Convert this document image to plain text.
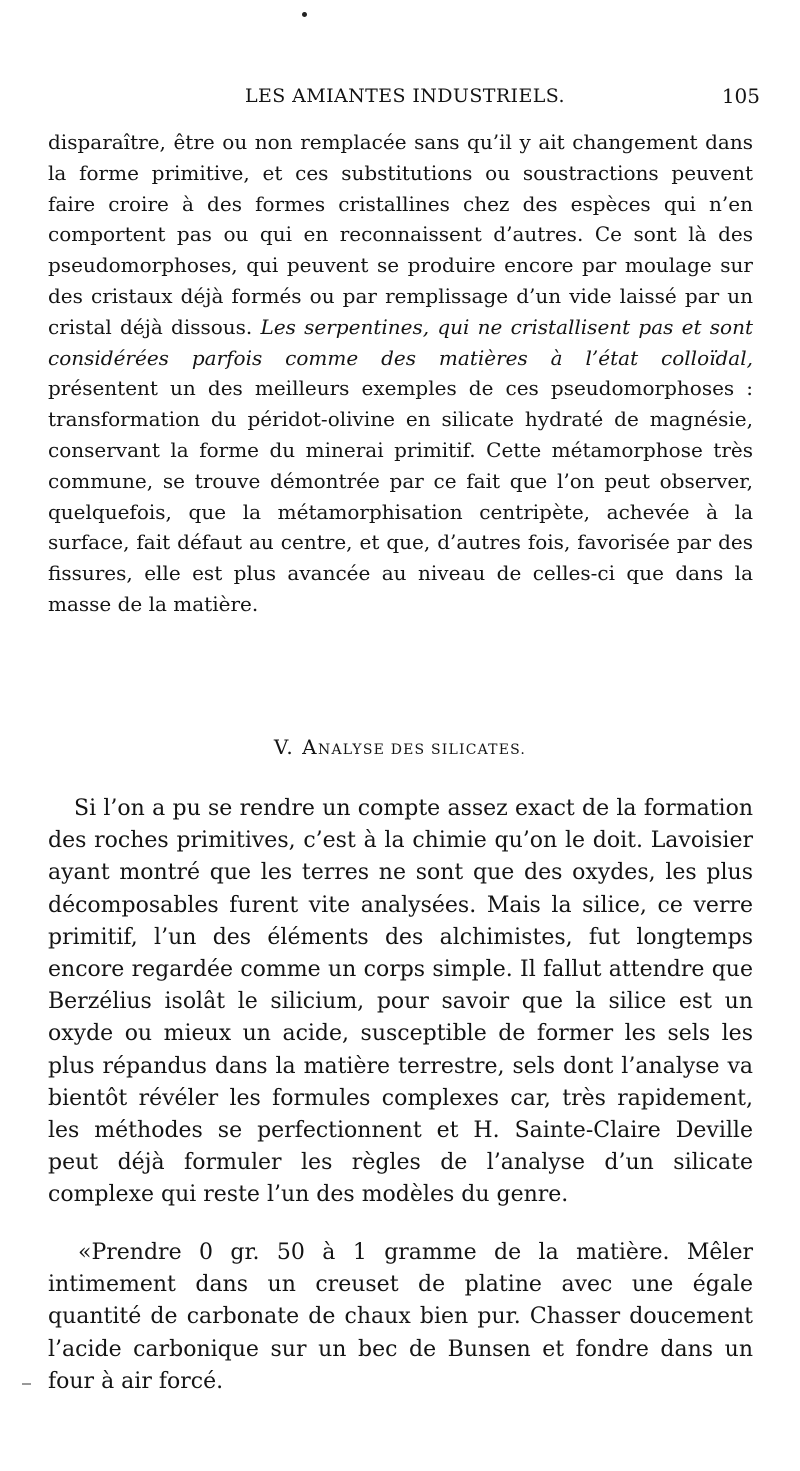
LES AMIANTES INDUSTRIELS.	105

disparaître, être ou non remplacée sans qu’il y ait changement dans la forme primitive, et ces substitutions ou soustractions peuvent faire croire à des formes cristallines chez des espèces qui n’en comportent pas ou qui en reconnaissent d’autres. Ce sont là des pseudomorphoses, qui peuvent se produire encore par moulage sur des cristaux déjà formés ou par remplissage d’un vide laissé par un cristal déjà dissous. Les serpentines, qui ne cristallisent pas et sont considérées parfois comme des matières à l’état colloïdal, présentent un des meilleurs exemples de ces pseudomorphoses : transformation du péridot-olivine en silicate hydraté de magnésie, conservant la forme du minerai primitif. Cette métamorphose très commune, se trouve démontrée par ce fait que l’on peut observer, quelquefois, que la métamorphisation centripète, achevée à la surface, fait défaut au centre, et que, d’autres fois, favorisée par des fissures, elle est plus avancée au niveau de celles-ci que dans la masse de la matière.

V. ANALYSE DES SILICATES.

Si l’on a pu se rendre un compte assez exact de la formation des roches primitives, c’est à la chimie qu’on le doit. Lavoisier ayant montré que les terres ne sont que des oxydes, les plus décomposables furent vite analysées. Mais la silice, ce verre primitif, l’un des éléments des alchimistes, fut longtemps encore regardée comme un corps simple. Il fallut attendre que Berzélius isolât le silicium, pour savoir que la silice est un oxyde ou mieux un acide, susceptible de former les sels les plus répandus dans la matière terrestre, sels dont l’analyse va bientôt révéler les formules complexes car, très rapidement, les méthodes se perfectionnent et H. Sainte-Claire Deville peut déjà formuler les règles de l’analyse d’un silicate complexe qui reste l’un des modèles du genre.

«Prendre 0 gr. 50 à 1 gramme de la matière. Mêler intimement dans un creuset de platine avec une égale quantité de carbonate de chaux bien pur. Chasser doucement l’acide carbonique sur un bec de Bunsen et fondre dans un four à air forcé.
